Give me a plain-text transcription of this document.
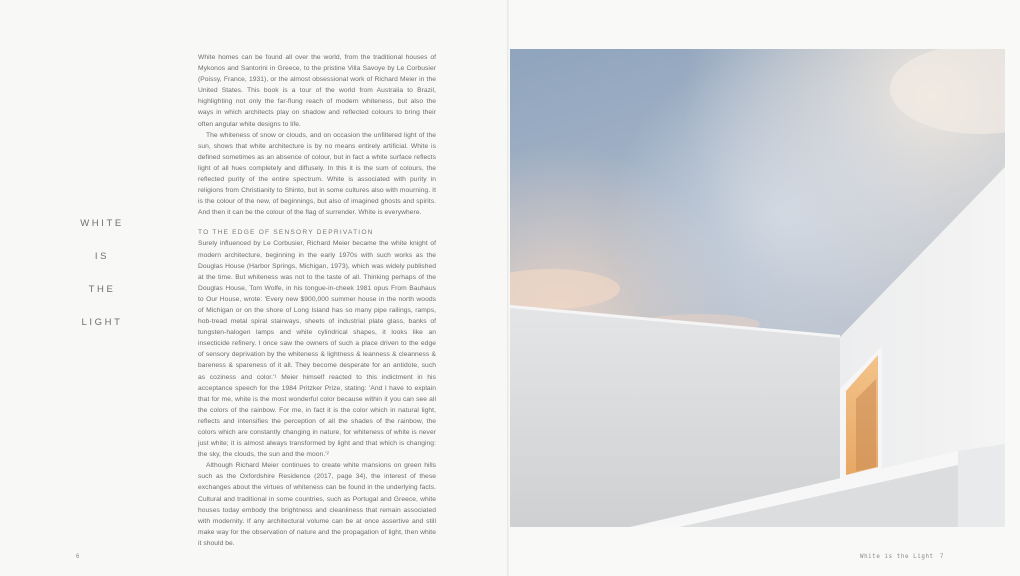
WHITE
IS
THE
LIGHT

White homes can be found all over the world, from the traditional houses of Mykonos and Santorini in Greece, to the pristine Villa Savoye by Le Corbusier (Poissy, France, 1931), or the almost obsessional work of Richard Meier in the United States. This book is a tour of the world from Australia to Brazil, highlighting not only the far-flung reach of modern whiteness, but also the ways in which architects play on shadow and reflected colours to bring their often angular white designs to life.

The whiteness of snow or clouds, and on occasion the unfiltered light of the sun, shows that white architecture is by no means entirely artificial. White is defined sometimes as an absence of colour, but in fact a white surface reflects light of all hues completely and diffusely. In this it is the sum of colours, the reflected purity of the entire spectrum. White is associated with purity in religions from Christianity to Shinto, but in some cultures also with mourning. It is the colour of the new, of beginnings, but also of imagined ghosts and spirits. And then it can be the colour of the flag of surrender. White is everywhere.

TO THE EDGE OF SENSORY DEPRIVATION

Surely influenced by Le Corbusier, Richard Meier became the white knight of modern architecture, beginning in the early 1970s with such works as the Douglas House (Harbor Springs, Michigan, 1973), which was widely published at the time. But whiteness was not to the taste of all. Thinking perhaps of the Douglas House, Tom Wolfe, in his tongue-in-cheek 1981 opus From Bauhaus to Our House, wrote: 'Every new $900,000 summer house in the north woods of Michigan or on the shore of Long Island has so many pipe railings, ramps, hob-tread metal spiral stairways, sheets of industrial plate glass, banks of tungsten-halogen lamps and white cylindrical shapes, it looks like an insecticide refinery. I once saw the owners of such a place driven to the edge of sensory deprivation by the whiteness & lightness & leanness & cleanness & bareness & spareness of it all. They become desperate for an antidote, such as coziness and color.'¹ Meier himself reacted to this indictment in his acceptance speech for the 1984 Pritzker Prize, stating: 'And I have to explain that for me, white is the most wonderful color because within it you can see all the colors of the rainbow. For me, in fact it is the color which in natural light, reflects and intensifies the perception of all the shades of the rainbow, the colors which are constantly changing in nature, for whiteness of white is never just white; it is almost always transformed by light and that which is changing: the sky, the clouds, the sun and the moon.'²

Although Richard Meier continues to create white mansions on green hills such as the Oxfordshire Residence (2017, page 34), the interest of these exchanges about the virtues of whiteness can be found in the underlying facts. Cultural and traditional in some countries, such as Portugal and Greece, white houses today embody the brightness and cleanliness that remain associated with modernity. If any architectural volume can be at once assertive and still make way for the observation of nature and the propagation of light, then white it should be.

6	White is the Light 7
